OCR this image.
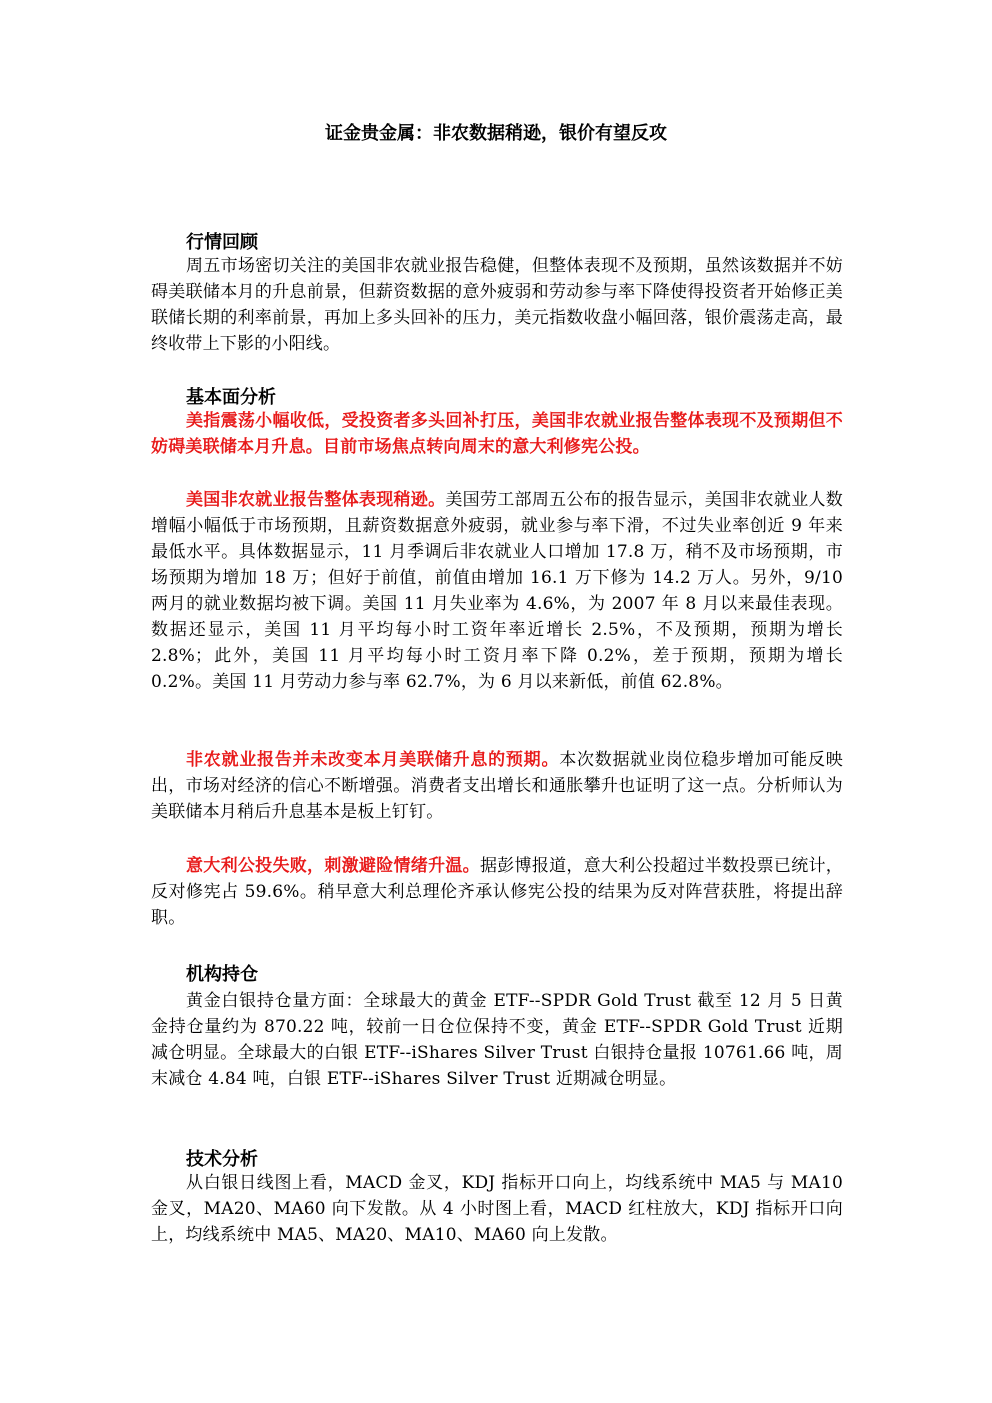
证金贵金属：非农数据稍逊，银价有望反攻
行情回顾
周五市场密切关注的美国非农就业报告稳健，但整体表现不及预期，虽然该数据并不妨碍美联储本月的升息前景，但薪资数据的意外疲弱和劳动参与率下降使得投资者开始修正美联储长期的利率前景，再加上多头回补的压力，美元指数收盘小幅回落，银价震荡走高，最终收带上下影的小阳线。
基本面分析
美指震荡小幅收低，受投资者多头回补打压，美国非农就业报告整体表现不及预期但不妨碍美联储本月升息。目前市场焦点转向周末的意大利修宪公投。
美国非农就业报告整体表现稍逊。美国劳工部周五公布的报告显示，美国非农就业人数增幅小幅低于市场预期，且薪资数据意外疲弱，就业参与率下滑，不过失业率创近 9 年来最低水平。具体数据显示，11 月季调后非农就业人口增加 17.8 万，稍不及市场预期，市场预期为增加 18 万；但好于前值，前值由增加 16.1 万下修为 14.2 万人。另外，9/10 两月的就业数据均被下调。美国 11 月失业率为 4.6%，为 2007 年 8 月以来最佳表现。数据还显示，美国 11 月平均每小时工资年率近增长 2.5%，不及预期，预期为增长 2.8%；此外，美国 11 月平均每小时工资月率下降 0.2%，差于预期，预期为增长 0.2%。美国 11 月劳动力参与率 62.7%，为 6 月以来新低，前值 62.8%。
非农就业报告并未改变本月美联储升息的预期。本次数据就业岗位稳步增加可能反映出，市场对经济的信心不断增强。消费者支出增长和通胀攀升也证明了这一点。分析师认为美联储本月稍后升息基本是板上钉钉。
意大利公投失败，刺激避险情绪升温。据彭博报道，意大利公投超过半数投票已统计，反对修宪占 59.6%。稍早意大利总理伦齐承认修宪公投的结果为反对阵营获胜，将提出辞职。
机构持仓
黄金白银持仓量方面：全球最大的黄金 ETF--SPDR Gold Trust 截至 12 月 5 日黄金持仓量约为 870.22 吨，较前一日仓位保持不变，黄金 ETF--SPDR Gold Trust 近期减仓明显。全球最大的白银 ETF--iShares Silver Trust 白银持仓量报 10761.66 吨，周末减仓 4.84 吨，白银 ETF--iShares Silver Trust 近期减仓明显。
技术分析
从白银日线图上看，MACD 金叉，KDJ 指标开口向上，均线系统中 MA5 与 MA10 金叉，MA20、MA60 向下发散。从 4 小时图上看，MACD 红柱放大，KDJ 指标开口向上，均线系统中 MA5、MA20、MA10、MA60 向上发散。
